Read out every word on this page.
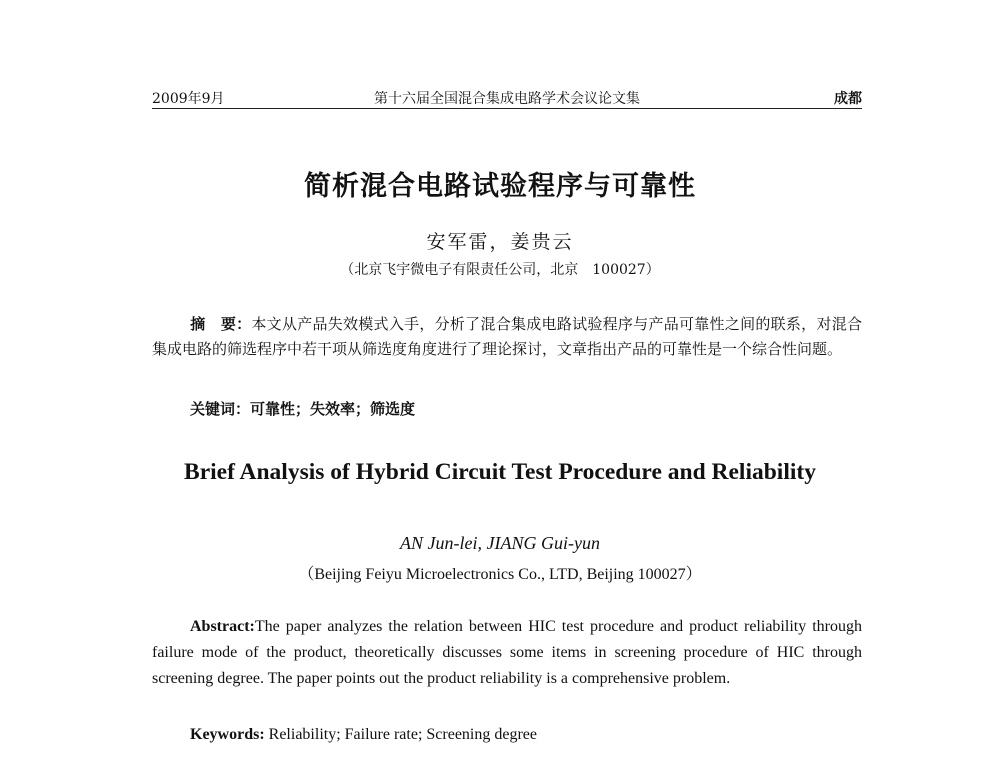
2009年9月	第十六届全国混合集成电路学术会议论文集	成都
简析混合电路试验程序与可靠性
安军雷，姜贵云
（北京飞宇微电子有限责任公司，北京　100027）
摘　要：本文从产品失效模式入手，分析了混合集成电路试验程序与产品可靠性之间的联系，对混合集成电路的筛选程序中若干项从筛选度角度进行了理论探讨，文章指出产品的可靠性是一个综合性问题。
关键词：可靠性；失效率；筛选度
Brief Analysis of Hybrid Circuit Test Procedure and Reliability
AN Jun-lei, JIANG Gui-yun
（Beijing Feiyu Microelectronics Co., LTD, Beijing 100027）
Abstract:The paper analyzes the relation between HIC test procedure and product reliability through failure mode of the product, theoretically discusses some items in screening procedure of HIC through screening degree. The paper points out the product reliability is a comprehensive problem.
Keywords: Reliability; Failure rate; Screening degree
